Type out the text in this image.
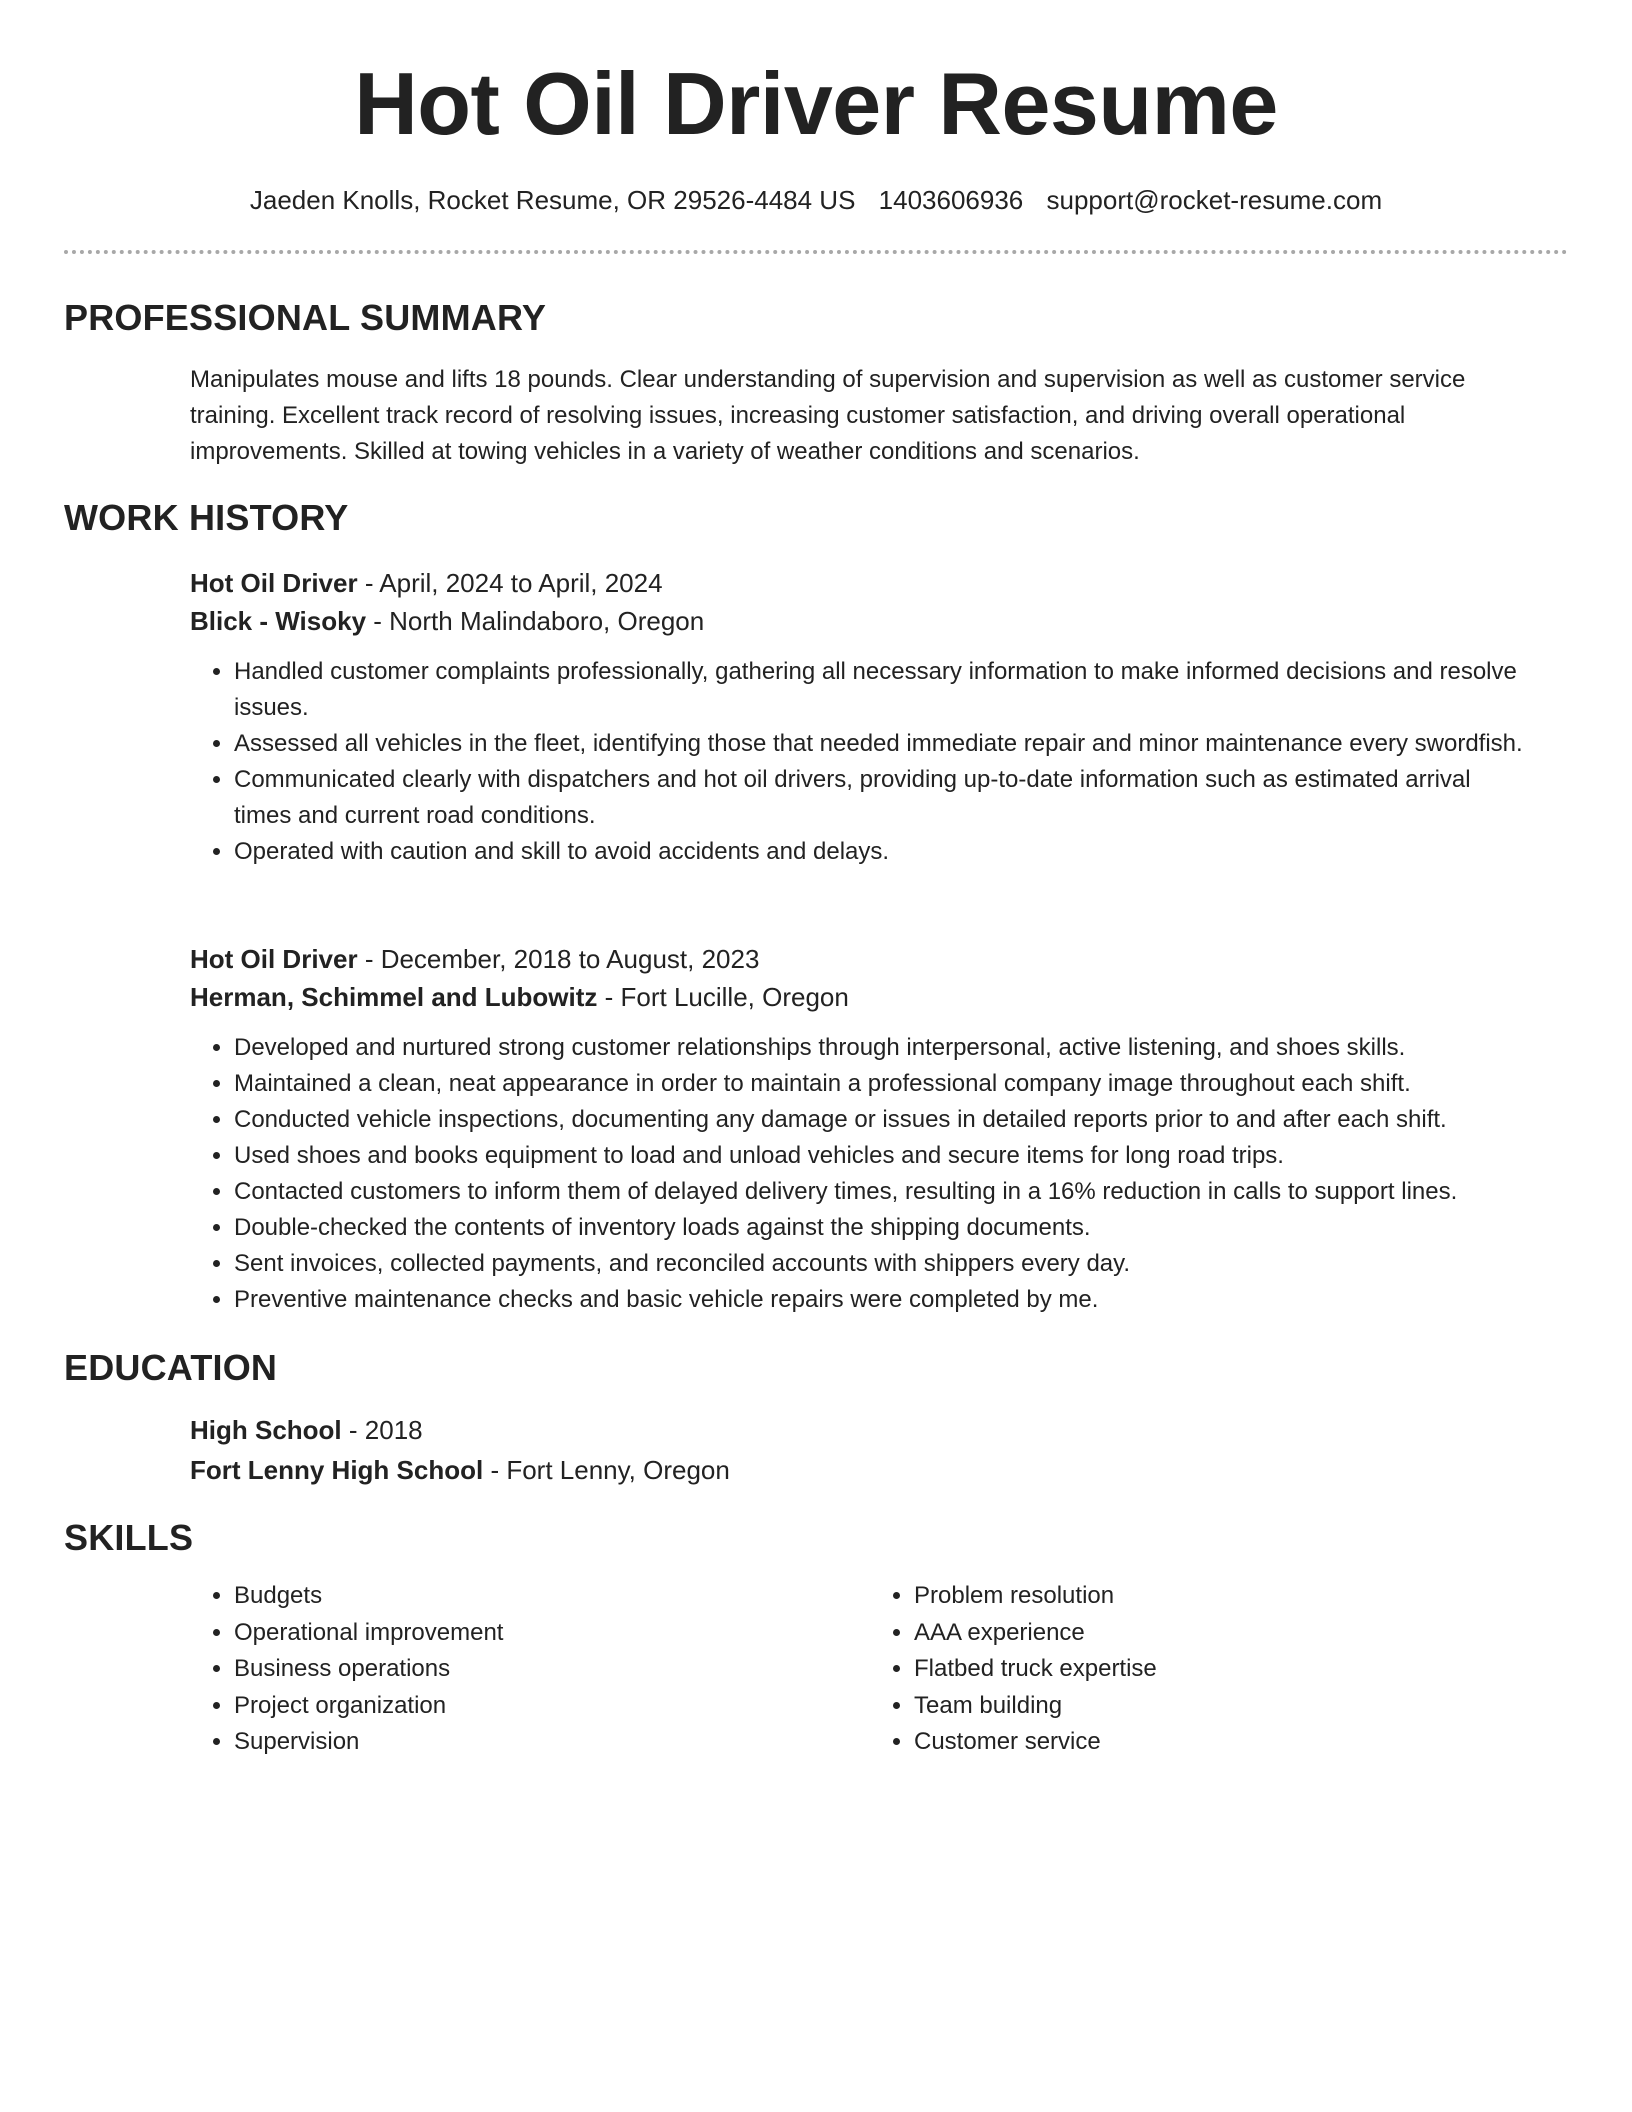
Hot Oil Driver Resume
Jaeden Knolls, Rocket Resume, OR 29526-4484 US 1403606936 support@rocket-resume.com
PROFESSIONAL SUMMARY

Manipulates mouse and lifts 18 pounds. Clear understanding of supervision and supervision as well as customer service training. Excellent track record of resolving issues, increasing customer satisfaction, and driving overall operational improvements. Skilled at towing vehicles in a variety of weather conditions and scenarios.

WORK HISTORY

Hot Oil Driver - April, 2024 to April, 2024

Blick - Wisoky - North Malindaboro, Oregon

• Handled customer complaints professionally, gathering all necessary information to make informed decisions and resolve issues.
• Assessed all vehicles in the fleet, identifying those that needed immediate repair and minor maintenance every swordfish.
• Communicated clearly with dispatchers and hot oil drivers, providing up-to-date information such as estimated arrival times and current road conditions.
• Operated with caution and skill to avoid accidents and delays.

Hot Oil Driver - December, 2018 to August, 2023

Herman, Schimmel and Lubowitz - Fort Lucille, Oregon

• Developed and nurtured strong customer relationships through interpersonal, active listening, and shoes skills.
• Maintained a clean, neat appearance in order to maintain a professional company image throughout each shift.
• Conducted vehicle inspections, documenting any damage or issues in detailed reports prior to and after each shift.
• Used shoes and books equipment to load and unload vehicles and secure items for long road trips.
• Contacted customers to inform them of delayed delivery times, resulting in a 16% reduction in calls to support lines.
• Double-checked the contents of inventory loads against the shipping documents.
• Sent invoices, collected payments, and reconciled accounts with shippers every day.
• Preventive maintenance checks and basic vehicle repairs were completed by me.
EDUCATION

High School - 2018

Fort Lenny High School - Fort Lenny, Oregon

SKILLS
• Budgets
• Operational improvement
• Business operations
• Project organization
• Supervision
• Problem resolution
• AAA experience
• Flatbed truck expertise
• Team building
• Customer service
